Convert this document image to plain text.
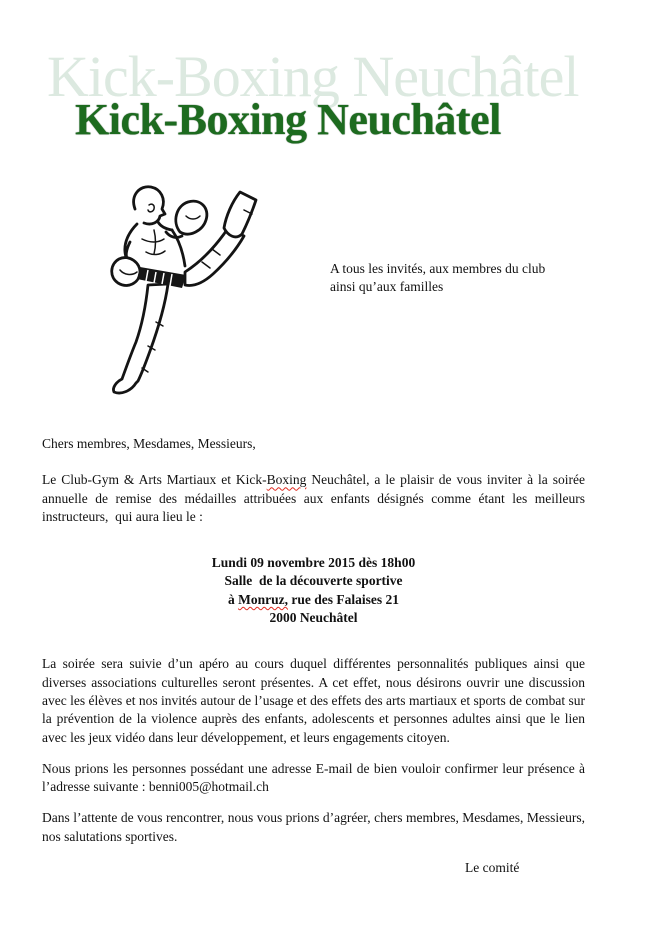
Kick-Boxing Neuchâtel
Kick-Boxing Neuchâtel
A tous les invités, aux membres du club
ainsi qu’aux familles

Chers membres, Mesdames, Messieurs,

Le Club-Gym & Arts Martiaux et Kick-Boxing Neuchâtel, a le plaisir de vous inviter à la soirée annuelle de remise des médailles attribuées aux enfants désignés comme étant les meilleurs instructeurs,  qui aura lieu le :

Lundi 09 novembre 2015 dès 18h00
Salle  de la découverte sportive
à Monruz, rue des Falaises 21
2000 Neuchâtel

La soirée sera suivie d’un apéro au cours duquel différentes personnalités publiques ainsi que diverses associations culturelles seront présentes. A cet effet, nous désirons ouvrir une discussion avec les élèves et nos invités autour de l’usage et des effets des arts martiaux et sports de combat sur la prévention de la violence auprès des enfants, adolescents et personnes adultes ainsi que le lien avec les jeux vidéo dans leur développement, et leurs engagements citoyen.

Nous prions les personnes possédant une adresse E-mail de bien vouloir confirmer leur présence à l’adresse suivante : benni005@hotmail.ch

Dans l’attente de vous rencontrer, nous vous prions d’agréer, chers membres, Mesdames, Messieurs, nos salutations sportives.

Le comité
